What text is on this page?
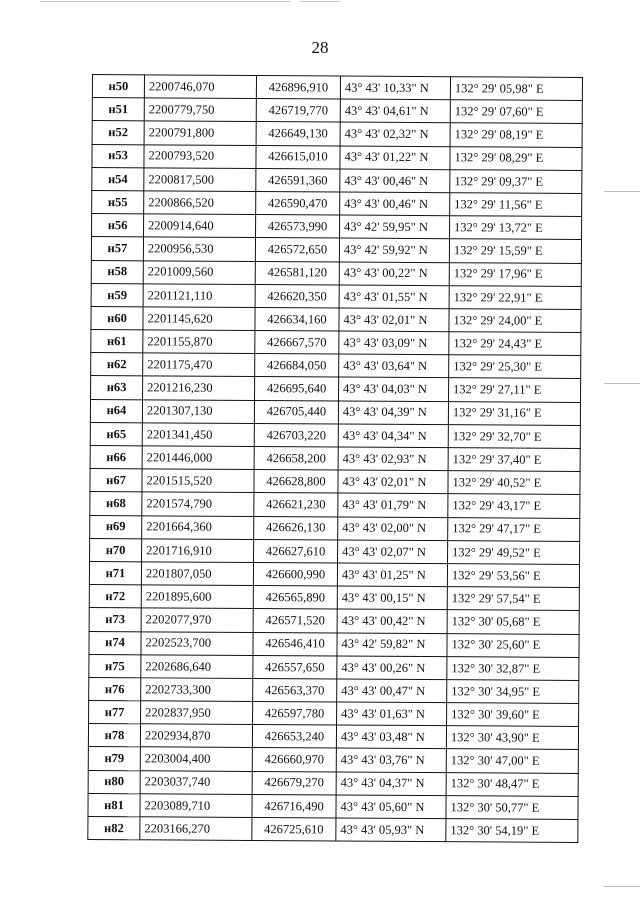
28
н50	2200746,070	426896,910	43° 43' 10,33" N	132° 29' 05,98" E
н51	2200779,750	426719,770	43° 43' 04,61" N	132° 29' 07,60" E
н52	2200791,800	426649,130	43° 43' 02,32" N	132° 29' 08,19" E
н53	2200793,520	426615,010	43° 43' 01,22" N	132° 29' 08,29" E
н54	2200817,500	426591,360	43° 43' 00,46" N	132° 29' 09,37" E
н55	2200866,520	426590,470	43° 43' 00,46" N	132° 29' 11,56" E
н56	2200914,640	426573,990	43° 42' 59,95" N	132° 29' 13,72" E
н57	2200956,530	426572,650	43° 42' 59,92" N	132° 29' 15,59" E
н58	2201009,560	426581,120	43° 43' 00,22" N	132° 29' 17,96" E
н59	2201121,110	426620,350	43° 43' 01,55" N	132° 29' 22,91" E
н60	2201145,620	426634,160	43° 43' 02,01" N	132° 29' 24,00" E
н61	2201155,870	426667,570	43° 43' 03,09" N	132° 29' 24,43" E
н62	2201175,470	426684,050	43° 43' 03,64" N	132° 29' 25,30" E
н63	2201216,230	426695,640	43° 43' 04,03" N	132° 29' 27,11" E
н64	2201307,130	426705,440	43° 43' 04,39" N	132° 29' 31,16" E
н65	2201341,450	426703,220	43° 43' 04,34" N	132° 29' 32,70" E
н66	2201446,000	426658,200	43° 43' 02,93" N	132° 29' 37,40" E
н67	2201515,520	426628,800	43° 43' 02,01" N	132° 29' 40,52" E
н68	2201574,790	426621,230	43° 43' 01,79" N	132° 29' 43,17" E
н69	2201664,360	426626,130	43° 43' 02,00" N	132° 29' 47,17" E
н70	2201716,910	426627,610	43° 43' 02,07" N	132° 29' 49,52" E
н71	2201807,050	426600,990	43° 43' 01,25" N	132° 29' 53,56" E
н72	2201895,600	426565,890	43° 43' 00,15" N	132° 29' 57,54" E
н73	2202077,970	426571,520	43° 43' 00,42" N	132° 30' 05,68" E
н74	2202523,700	426546,410	43° 42' 59,82" N	132° 30' 25,60" E
н75	2202686,640	426557,650	43° 43' 00,26" N	132° 30' 32,87" E
н76	2202733,300	426563,370	43° 43' 00,47" N	132° 30' 34,95" E
н77	2202837,950	426597,780	43° 43' 01,63" N	132° 30' 39,60" E
н78	2202934,870	426653,240	43° 43' 03,48" N	132° 30' 43,90" E
н79	2203004,400	426660,970	43° 43' 03,76" N	132° 30' 47,00" E
н80	2203037,740	426679,270	43° 43' 04,37" N	132° 30' 48,47" E
н81	2203089,710	426716,490	43° 43' 05,60" N	132° 30' 50,77" E
н82	2203166,270	426725,610	43° 43' 05,93" N	132° 30' 54,19" E
